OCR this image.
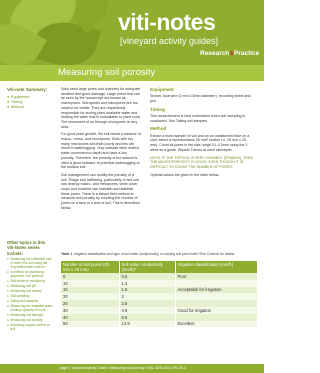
viti-notes
[vineyard activity guides]
Research&Practice
Measuring soil porosity
Viti-note Summary:
● Equipment
● Timing
● Method

Soils need large pores and channels for adequate aeration and good drainage. Large pores that can be seen by the human eye are known as macropores. Micropores and micropores are too small to be visible. They are respectively responsible for storing plant-available water and holding the water that is unavailable to plant roots. The movement of air through micropores is very slow.

For good plant growth, the soil needs a balance of macro-, meso- and micropores. Soils with too many micropores will drain poorly and this will result in waterlogging. Clay subsoils often restrict water movement to depth and have a low porosity. Therefore, the porosity of the subsoil is often a good indicator of potential waterlogging of the surface soil.

Soil management can modify the porosity of a soil. Tillage and trafficking, particularly of wet soil, can destroy macro- and mesopores, while cover crops and mulches can maintain and stabilise these pores. There is a simple field method to measure soil porosity by counting the number of pores on a face of a clod of soil. This is described below.

Equipment

Shovel, fuse wire (2 mm 0.5mm diameter), recording sheet and pen.

Timing

This measurement is best undertaken when soil sampling is conducted. See Taking soil samples.

Method

Extract a moist sample of soil and on an undisturbed face on a clod, select a representative 25 mm² section i.e. 25 mm x 25 mm). Count all pores in the size range 0.1-0.5mm using the 2 wires as a guide. Repeat 3 times at each site/depth.

NOTE: IF THE TOPSOIL IS VERY CRUMBLY (FRIABLE), THEN THE MACROPOROSITY IS GOOD, EVEN THOUGH IT IS DIFFICULT TO COUNT THE NUMBER OF PORES.

Optimal values are given in the table below.

Other topics in this Viti-Notes series include:
● Measuring the infiltration rate of water into soil using the ring infiltrometer method
● A method for assessing grapevine root systems
● Soil moisture monitoring
● Measuring soil pH
● Measuring soil salinity
● Soil sampling
● Taking soil samples
● Measuring the available water holding capacity of a soil
● Measuring soil strength
● Measuring soil sodicity
● Improving organic carbon in soil
Table 1. Irrigation classification and type of soil water (soil/porosity) on varying soil pore levels *See Cockroft for details.
Number of soil pores (25 mm x 25 mm)	Soil water conductivity (mm/h)*	Irrigation classification (mm/h)
0	0.6	Poor
10	1.2	
15	1.5	Acceptable for irrigation
20	2	
25	3.5	
30	4.9	Good for irrigation
40	8.6	
50	12.9	Excellent
page 1 Vineyard Activity Guides: Measuring soil porosity ISSN 1829-0201 DPI-1913
